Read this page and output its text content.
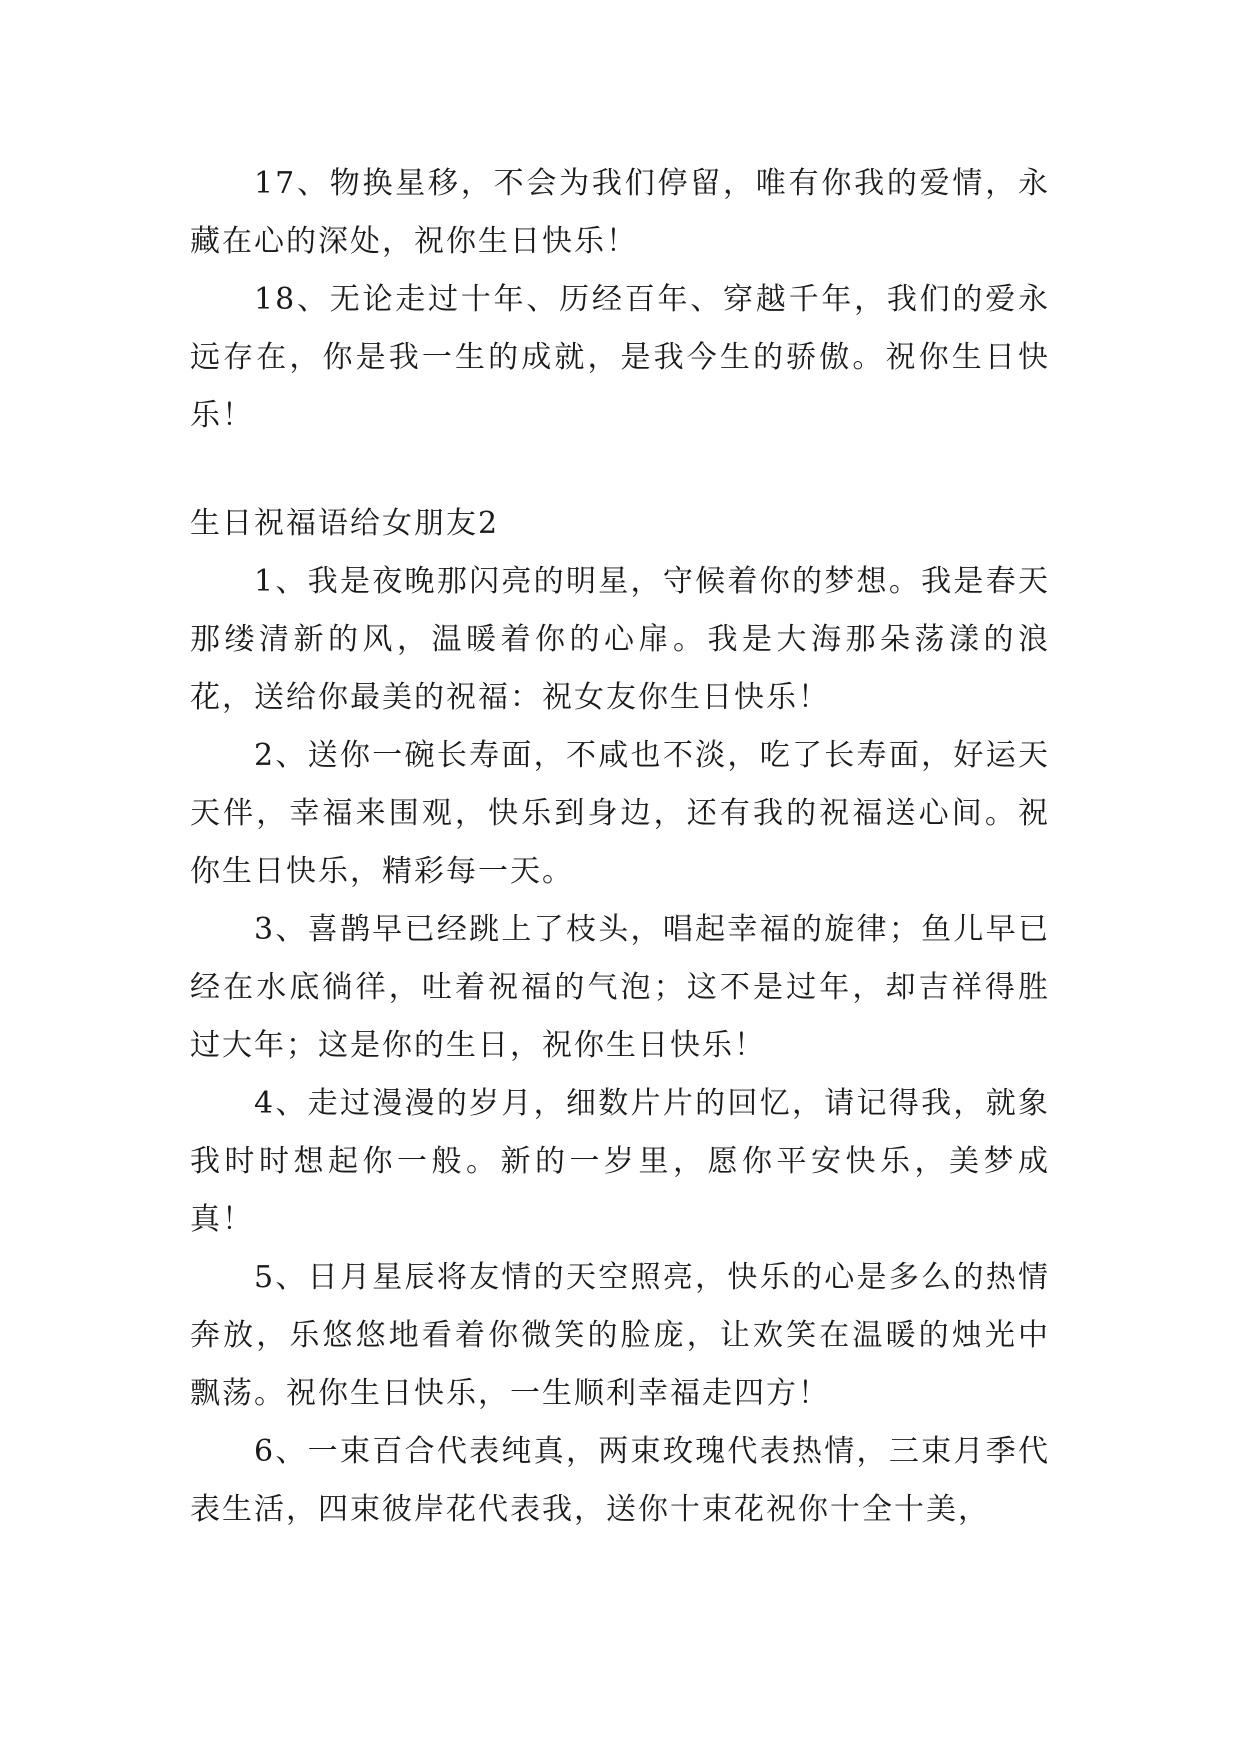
17、物换星移，不会为我们停留，唯有你我的爱情，永藏在心的深处，祝你生日快乐！

18、无论走过十年、历经百年、穿越千年，我们的爱永远存在，你是我一生的成就，是我今生的骄傲。祝你生日快乐！

生日祝福语给女朋友2

1、我是夜晚那闪亮的明星，守候着你的梦想。我是春天那缕清新的风，温暖着你的心扉。我是大海那朵荡漾的浪花，送给你最美的祝福：祝女友你生日快乐！

2、送你一碗长寿面，不咸也不淡，吃了长寿面，好运天天伴，幸福来围观，快乐到身边，还有我的祝福送心间。祝你生日快乐，精彩每一天。

3、喜鹊早已经跳上了枝头，唱起幸福的旋律；鱼儿早已经在水底徜徉，吐着祝福的气泡；这不是过年，却吉祥得胜过大年；这是你的生日，祝你生日快乐！

4、走过漫漫的岁月，细数片片的回忆，请记得我，就象我时时想起你一般。新的一岁里，愿你平安快乐，美梦成真！

5、日月星辰将友情的天空照亮，快乐的心是多么的热情奔放，乐悠悠地看着你微笑的脸庞，让欢笑在温暖的烛光中飘荡。祝你生日快乐，一生顺利幸福走四方！

6、一束百合代表纯真，两束玫瑰代表热情，三束月季代表生活，四束彼岸花代表我，送你十束花祝你十全十美，
